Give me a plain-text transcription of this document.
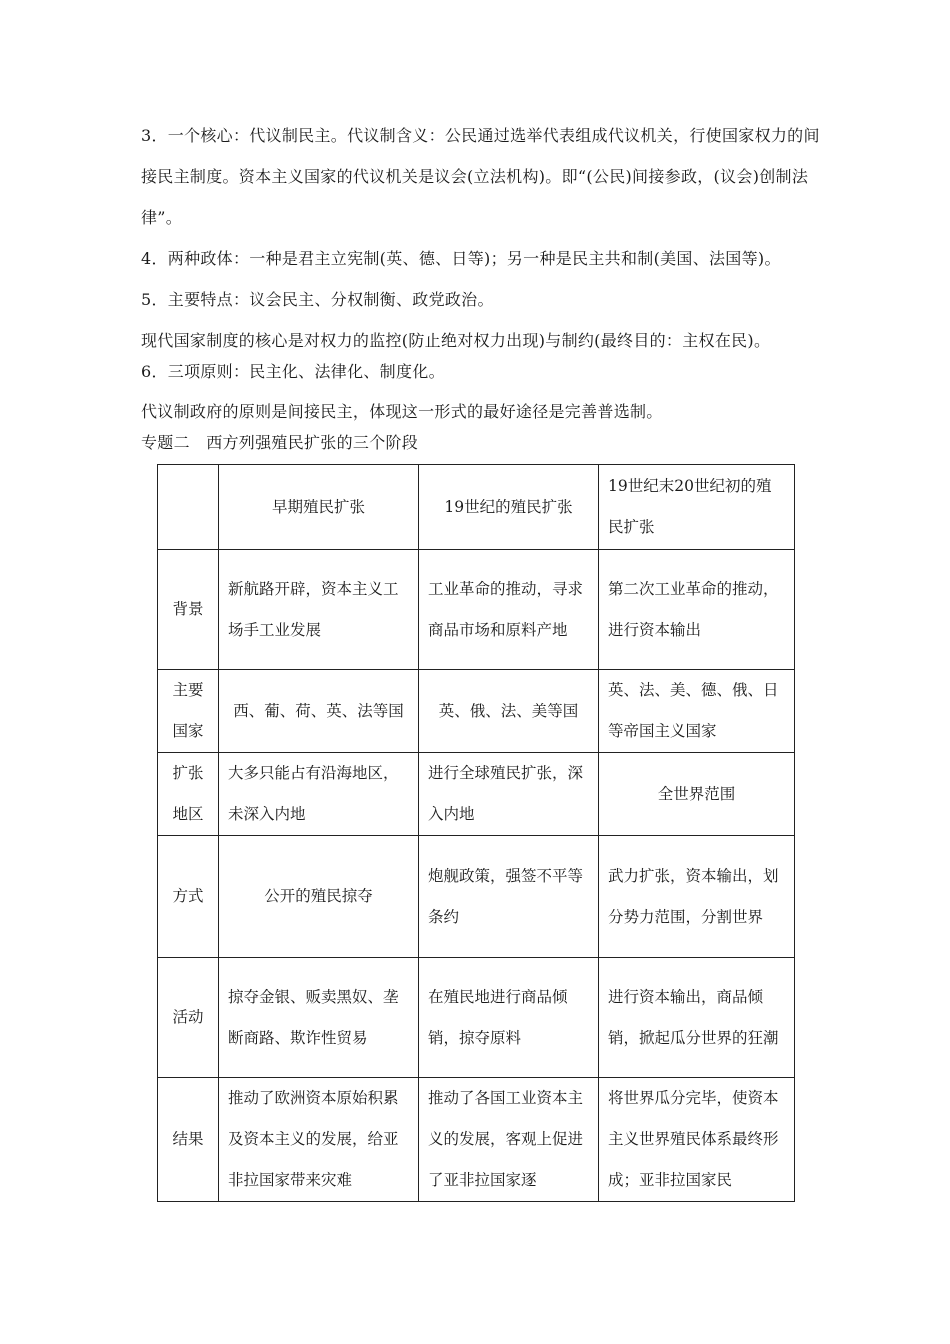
3．一个核心：代议制民主。代议制含义：公民通过选举代表组成代议机关，行使国家权力的间接民主制度。资本主义国家的代议机关是议会(立法机构)。即“(公民)间接参政，(议会)创制法律”。
4．两种政体：一种是君主立宪制(英、德、日等)；另一种是民主共和制(美国、法国等)。
5．主要特点：议会民主、分权制衡、政党政治。
现代国家制度的核心是对权力的监控(防止绝对权力出现)与制约(最终目的：主权在民)。
6．三项原则：民主化、法律化、制度化。
代议制政府的原则是间接民主，体现这一形式的最好途径是完善普选制。
专题二　西方列强殖民扩张的三个阶段
	早期殖民扩张	19世纪的殖民扩张	19世纪末20世纪初的殖民扩张
背景	新航路开辟，资本主义工场手工业发展	工业革命的推动，寻求商品市场和原料产地	第二次工业革命的推动，进行资本输出
主要国家	西、葡、荷、英、法等国	英、俄、法、美等国	英、法、美、德、俄、日等帝国主义国家
扩张地区	大多只能占有沿海地区，未深入内地	进行全球殖民扩张，深入内地	全世界范围
方式	公开的殖民掠夺	炮舰政策，强签不平等条约	武力扩张，资本输出，划分势力范围，分割世界
活动	掠夺金银、贩卖黑奴、垄断商路、欺诈性贸易	在殖民地进行商品倾销，掠夺原料	进行资本输出，商品倾销，掀起瓜分世界的狂潮
结果	推动了欧洲资本原始积累及资本主义的发展，给亚非拉国家带来灾难	推动了各国工业资本主义的发展，客观上促进了亚非拉国家逐	将世界瓜分完毕，使资本主义世界殖民体系最终形成；亚非拉国家民
